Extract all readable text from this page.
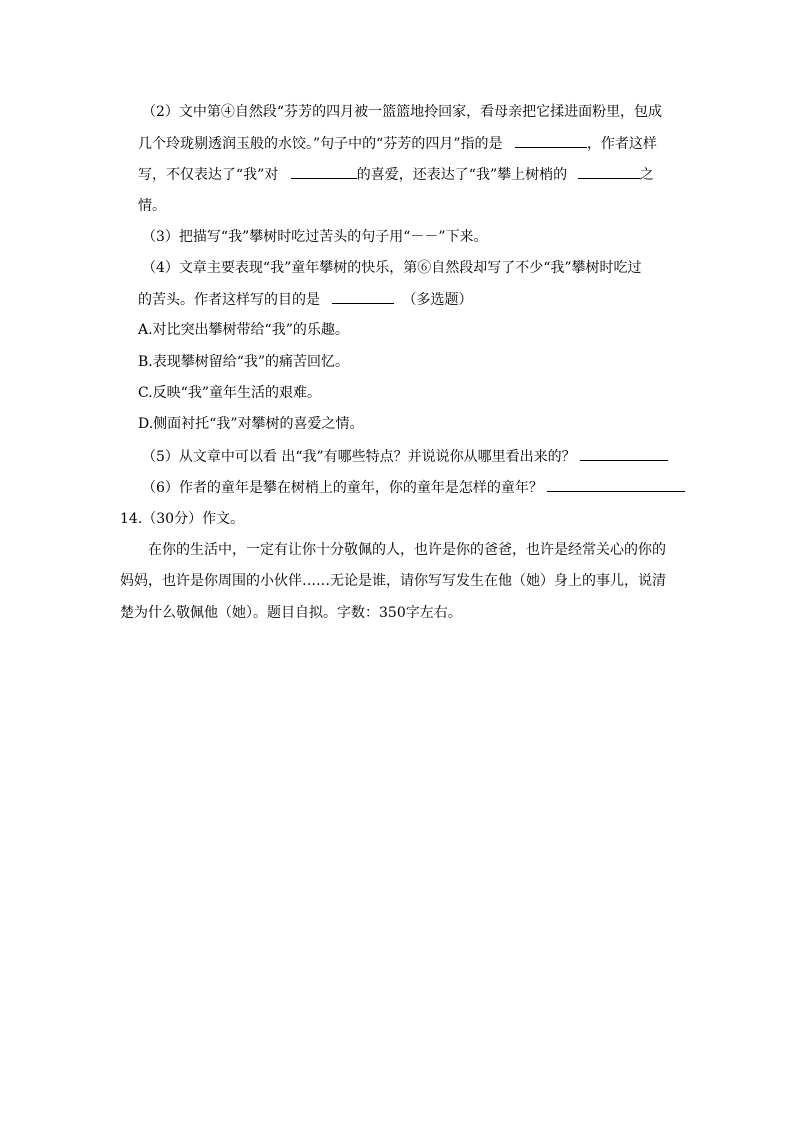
（2）文中第④自然段“芬芳的四月被一篮篮地拎回家，看母亲把它揉进面粉里，包成
几个玲珑剔透润玉般的水饺。”句子中的“芬芳的四月”指的是	，作者这样
写，不仅表达了“我”对	的喜爱，还表达了“我”攀上树梢的	之
情。
（3）把描写“我”攀树时吃过苦头的句子用“－－”下来。
（4）文章主要表现“我”童年攀树的快乐，第⑥自然段却写了不少“我”攀树时吃过
的苦头。作者这样写的目的是	（多选题）
A.对比突出攀树带给“我”的乐趣。
B.表现攀树留给“我”的痛苦回忆。
C.反映“我”童年生活的艰难。
D.侧面衬托“我”对攀树的喜爱之情。
（5）从文章中可以看 出“我”有哪些特点？并说说你从哪里看出来的？
（6）作者的童年是攀在树梢上的童年，你的童年是怎样的童年？
14.（30分）作文。
在你的生活中，一定有让你十分敬佩的人，也许是你的爸爸，也许是经常关心的你的
妈妈，也许是你周围的小伙伴……无论是谁，请你写写发生在他（她）身上的事儿，说清
楚为什么敬佩他（她）。题目自拟。字数：350字左右。
